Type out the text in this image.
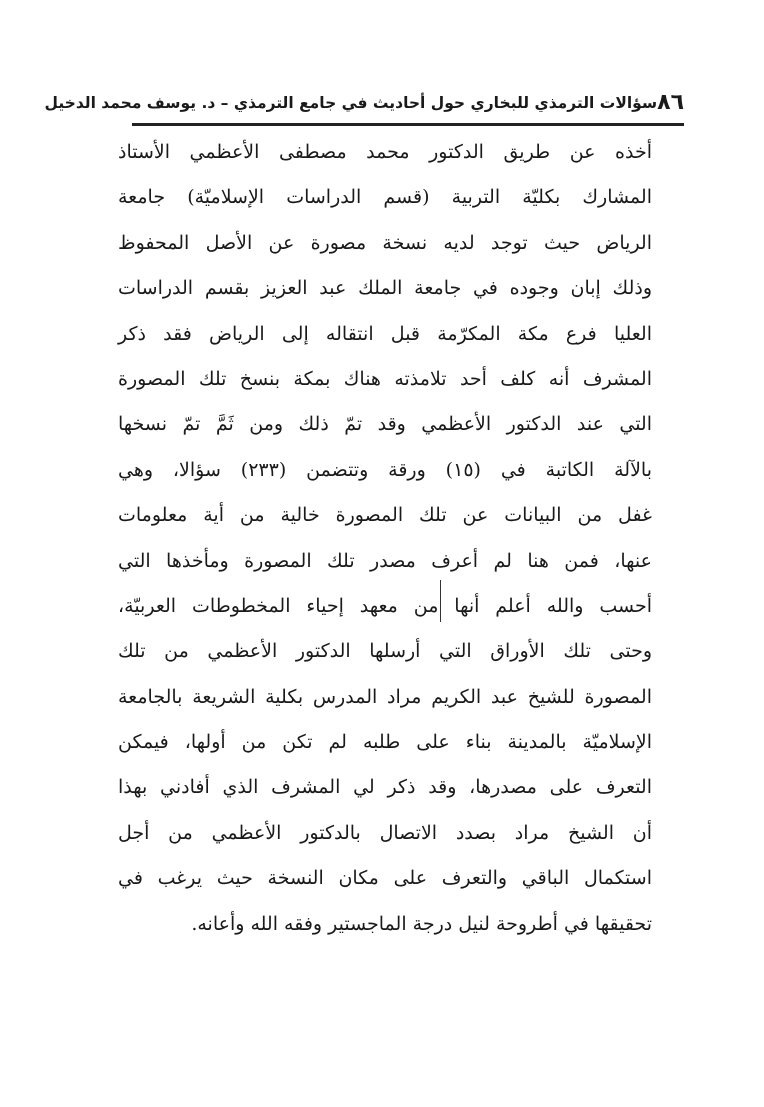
٨٦
سؤالات الترمذي للبخاري حول أحاديث في جامع الترمذي – د. يوسف محمد الدخيل
أخذه عن طريق الدكتور محمد مصطفى الأعظمي الأستاذ
المشارك بكليّة التربية (قسم الدراسات الإسلاميّة) جامعة
الرياض حيث توجد لديه نسخة مصورة عن الأصل المحفوظ
وذلك إبان وجوده في جامعة الملك عبد العزيز بقسم الدراسات
العليا فرع مكة المكرّمة قبل انتقاله إلى الرياض فقد ذكر
المشرف أنه كلف أحد تلامذته هناك بمكة بنسخ تلك المصورة
التي عند الدكتور الأعظمي وقد تمّ ذلك ومن ثَمَّ تمّ نسخها
بالآلة الكاتبة في (١٥) ورقة وتتضمن (٢٣٣) سؤالا، وهي
غفل من البيانات عن تلك المصورة خالية من أية معلومات
عنها، فمن هنا لم أعرف مصدر تلك المصورة ومأخذها التي
أحسب والله أعلم أنها من معهد إحياء المخطوطات العربيّة،
وحتى تلك الأوراق التي أرسلها الدكتور الأعظمي من تلك
المصورة للشيخ عبد الكريم مراد المدرس بكلية الشريعة بالجامعة
الإسلاميّة بالمدينة بناء على طلبه لم تكن من أولها، فيمكن
التعرف على مصدرها، وقد ذكر لي المشرف الذي أفادني بهذا
أن الشيخ مراد بصدد الاتصال بالدكتور الأعظمي من أجل
استكمال الباقي والتعرف على مكان النسخة حيث يرغب في
تحقيقها في أطروحة لنيل درجة الماجستير وفقه الله وأعانه.
